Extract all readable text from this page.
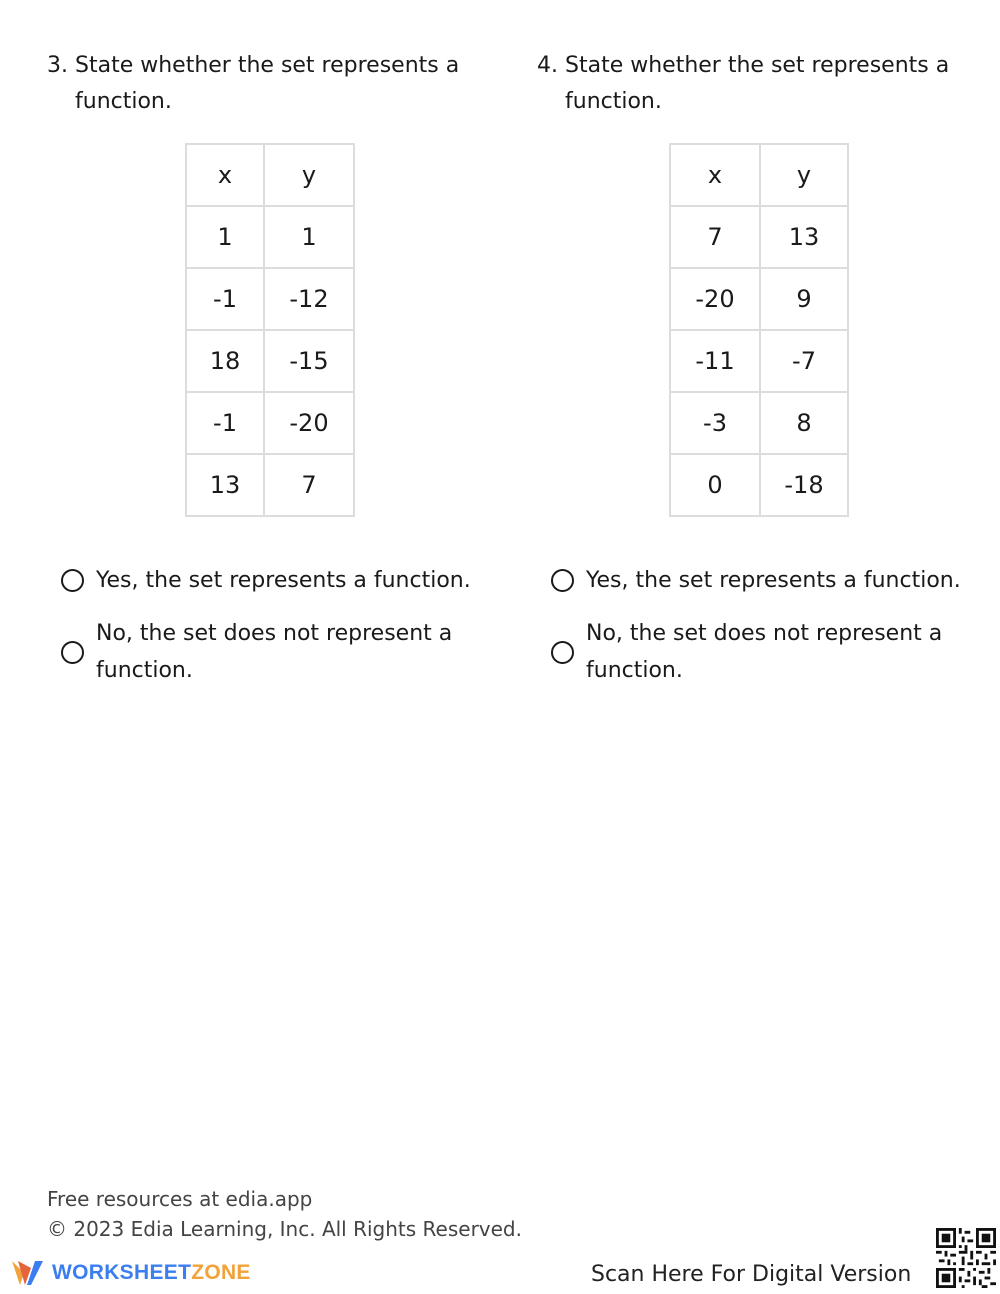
3. State whether the set represents a function.
x	y
1	1
-1	-12
18	-15
-1	-20
13	7
Yes, the set represents a function.
No, the set does not represent a function.
4. State whether the set represents a function.
x	y
7	13
-20	9
-11	-7
-3	8
0	-18
Yes, the set represents a function.
No, the set does not represent a function.
Free resources at edia.app
© 2023 Edia Learning, Inc. All Rights Reserved.
WORKSHEET ZONE	Scan Here For Digital Version
